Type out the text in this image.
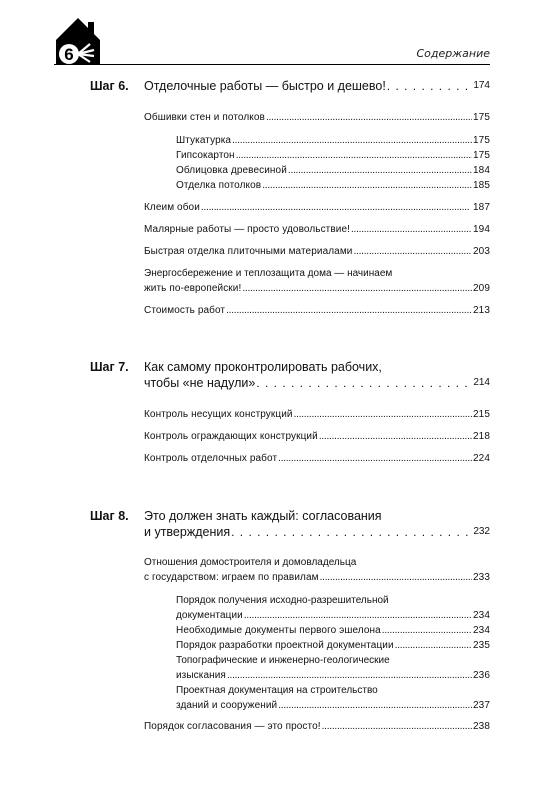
6	Содержание
Шаг 6. Отделочные работы — быстро и дешево! . . .	174
Обшивки стен и потолков . . .	175
Штукатурка . . .	175
Гипсокартон . . .	175
Облицовка древесиной . . .	184
Отделка потолков . . .	185
Клеим обои . . .	187
Малярные работы — просто удовольствие! . . .	194
Быстрая отделка плиточными материалами . . .	203
Энергосбережение и теплозащита дома — начинаем
жить по-европейски! . . .	209
Стоимость работ . . .	213
Шаг 7. Как самому проконтролировать рабочих,
чтобы «не надули» . . .	214
Контроль несущих конструкций . . .	215
Контроль ограждающих конструкций . . .	218
Контроль отделочных работ . . .	224
Шаг 8. Это должен знать каждый: согласования
и утверждения . . .	232
Отношения домостроителя и домовладельца
с государством: играем по правилам . . .	233
Порядок получения исходно-разрешительной
документации . . .	234
Необходимые документы первого эшелона . . .	234
Порядок разработки проектной документации . . .	235
Топографические и инженерно-геологические
изыскания . . .	236
Проектная документация на строительство
зданий и сооружений . . .	237
Порядок согласования — это просто! . . .	238
